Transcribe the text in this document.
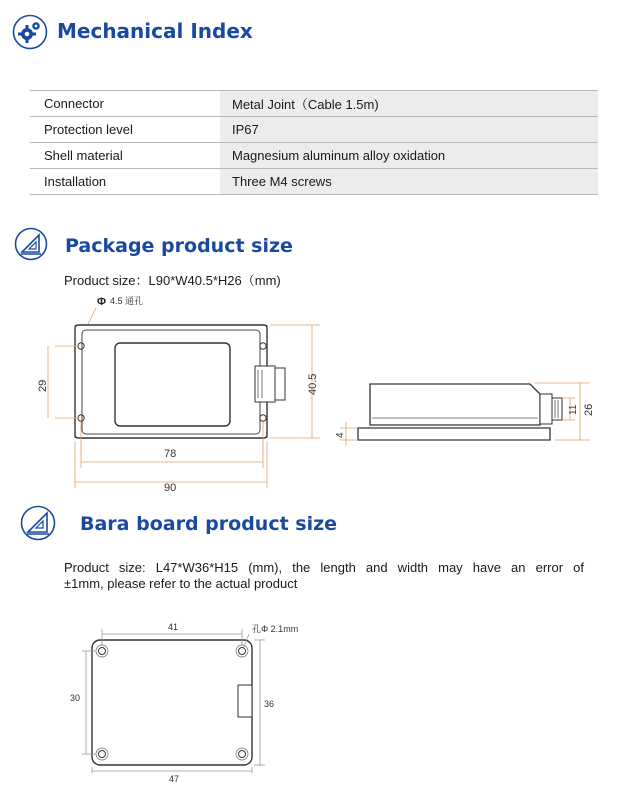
Mechanical Index
Connector	Metal Joint（Cable 1.5m)
Protection level	IP67
Shell material	Magnesium aluminum alloy oxidation
Installation	Three M4 screws
Package product size
Product size：L90*W40.5*H26（mm)
Φ 4.5 通孔
29	40.5
78
90
26
11
4
Bara board product size
Product size: L47*W36*H15 (mm), the length and width may have an error of
±1mm, please refer to the actual product
41	孔Φ 2.1mm
30
36
47
